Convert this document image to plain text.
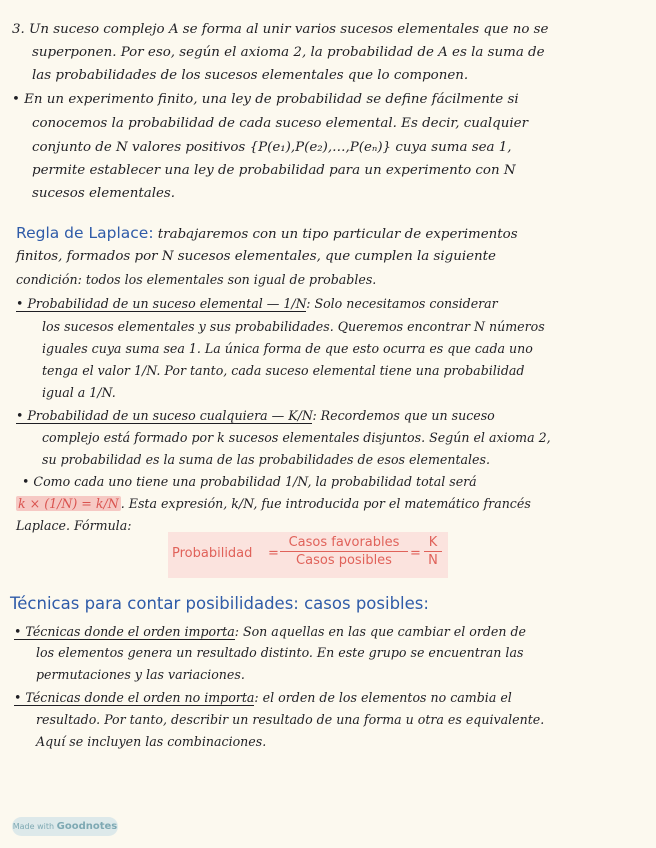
3. Un suceso complejo A se forma al unir varios sucesos elementales que no se
superponen. Por eso, según el axioma 2, la probabilidad de A es la suma de
las probabilidades de los sucesos elementales que lo componen.
• En un experimento finito, una ley de probabilidad se define fácilmente si
conocemos la probabilidad de cada suceso elemental. Es decir, cualquier
conjunto de N valores positivos {P(e₁),P(e₂),…,P(eₙ)} cuya suma sea 1,
permite establecer una ley de probabilidad para un experimento con N
sucesos elementales.
Regla de Laplace: trabajaremos con un tipo particular de experimentos
finitos, formados por N sucesos elementales, que cumplen la siguiente
condición: todos los elementales son igual de probables.
• Probabilidad de un suceso elemental — 1/N: Solo necesitamos considerar
los sucesos elementales y sus probabilidades. Queremos encontrar N números
iguales cuya suma sea 1. La única forma de que esto ocurra es que cada uno
tenga el valor 1/N. Por tanto, cada suceso elemental tiene una probabilidad
igual a 1/N.
• Probabilidad de un suceso cualquiera — K/N: Recordemos que un suceso
complejo está formado por k sucesos elementales disjuntos. Según el axioma 2,
su probabilidad es la suma de las probabilidades de esos elementales.
• Como cada uno tiene una probabilidad 1/N, la probabilidad total será
k × (1/N) = k/N . Esta expresión, k/N, fue introducida por el matemático francés
Laplace. Fórmula:
Probabilidad =
Casos favorables
Casos posibles	= $\frac{K}{N}$
Técnicas para contar posibilidades: casos posibles:
• Técnicas donde el orden importa: Son aquellas en las que cambiar el orden de
los elementos genera un resultado distinto. En este grupo se encuentran las
permutaciones y las variaciones.
• Técnicas donde el orden no importa: el orden de los elementos no cambia el
resultado. Por tanto, describir un resultado de una forma u otra es equivalente.
Aquí se incluyen las combinaciones.
Made with Goodnotes
